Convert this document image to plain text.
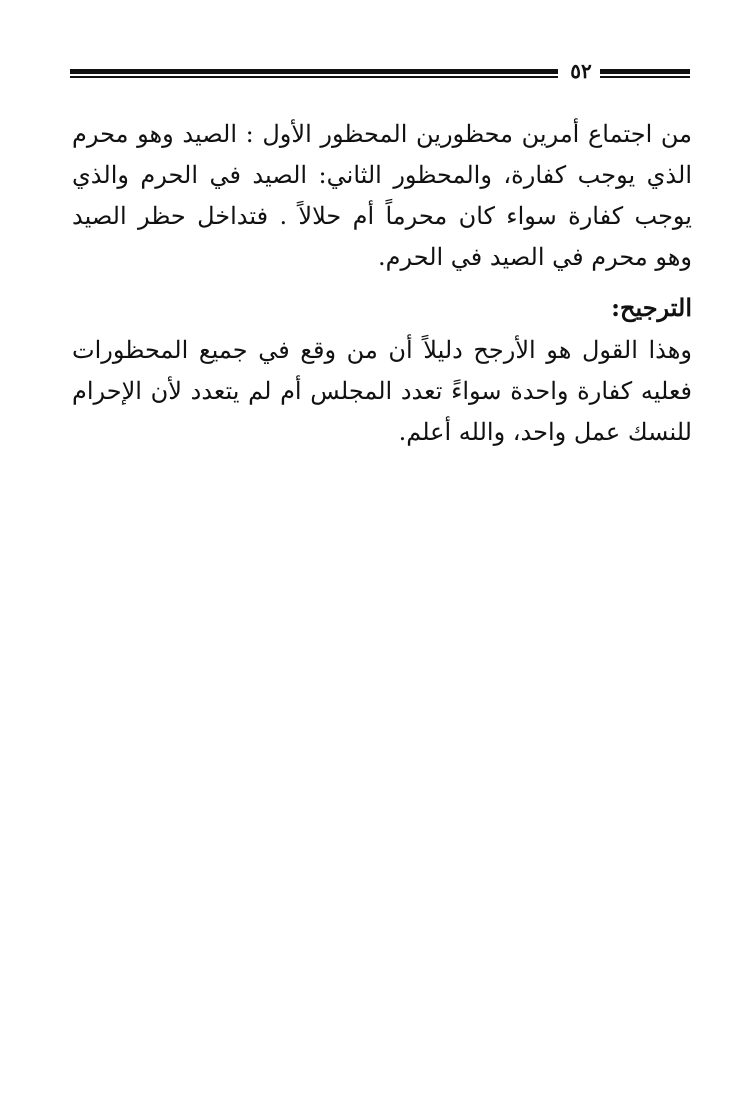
٥٢
من اجتماع أمرين محظورين المحظور الأول : الصيد وهو محرم الذي يوجب كفارة، والمحظور الثاني: الصيد في الحرم والذي يوجب كفارة سواء كان محرماً أم حلالاً . فتداخل حظر الصيد وهو محرم في الصيد في الحرم.
الترجيح:
وهذا القول هو الأرجح دليلاً أن من وقع في جميع المحظورات فعليه كفارة واحدة سواءً تعدد المجلس أم لم يتعدد لأن الإحرام للنسك عمل واحد، والله أعلم.
